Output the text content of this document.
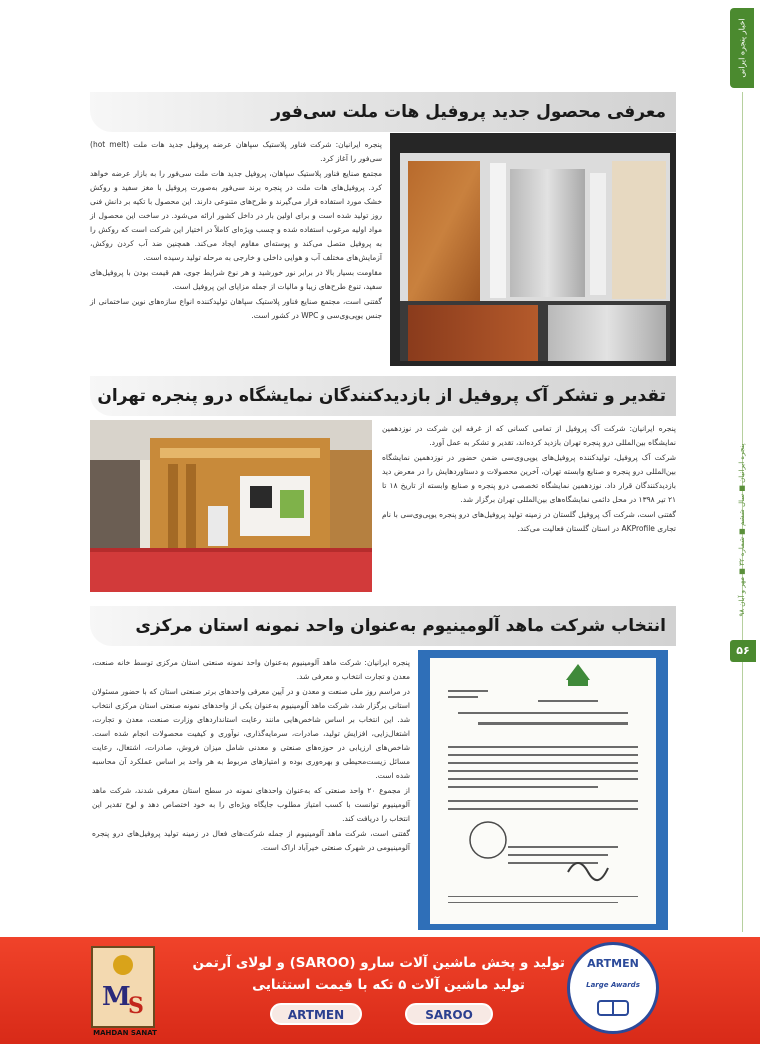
اخبار پنجره ایرانی
پنجره ایرانیان ■ سال ششم ■ شماره ۳۲ ■ مهر و آبان ۹۸
۵۶
معرفی محصول جدید پروفیل هات ملت سی‌فور

پنجره ایرانیان: شرکت فناور پلاستیک سپاهان عرضه پروفیل جدید هات ملت (hot melt) سی‌فور را آغاز کرد.

مجتمع صنایع فناور پلاستیک سپاهان، پروفیل جدید هات ملت سی‌فور را به بازار عرضه خواهد کرد. پروفیل‌های هات ملت در پنجره برند سی‌فور به‌صورت پروفیل با مغز سفید و روکش خشک مورد استفاده قرار می‌گیرند و طرح‌های متنوعی دارند. این محصول با تکیه بر دانش فنی روز تولید شده است و برای اولین بار در داخل کشور ارائه می‌شود. در ساخت این محصول از مواد اولیه مرغوب استفاده شده و چسب ویژه‌ای کاملاً در اختیار این شرکت است که روکش را به پروفیل متصل می‌کند و پوسته‌ای مقاوم ایجاد می‌کند. همچنین ضد آب کردن روکش، آزمایش‌های مختلف آب و هوایی داخلی و خارجی به مرحله تولید رسیده است.

مقاومت بسیار بالا در برابر نور خورشید و هر نوع شرایط جوی، هم قیمت بودن با پروفیل‌های سفید، تنوع طرح‌های زیبا و مالیات از جمله مزایای این پروفیل است.

گفتنی است، مجتمع صنایع فناور پلاستیک سپاهان تولیدکننده انواع سازه‌های نوین ساختمانی از جنس یو‌پی‌وی‌سی و WPC در کشور است.

تقدیر و تشکر آک پروفیل از بازدیدکنندگان نمایشگاه درو پنجره تهران

پنجره ایرانیان: شرکت آک پروفیل از تمامی کسانی که از غرفه این شرکت در نوزدهمین نمایشگاه بین‌المللی درو پنجره تهران بازدید کرده‌اند، تقدیر و تشکر به عمل آورد.

شرکت آک پروفیل، تولیدکننده پروفیل‌های یو‌پی‌وی‌سی ضمن حضور در نوزدهمین نمایشگاه بین‌المللی درو پنجره و صنایع وابسته تهران، آخرین محصولات و دستاوردهایش را در معرض دید بازدیدکنندگان قرار داد. نوزدهمین نمایشگاه تخصصی درو پنجره و صنایع وابسته از تاریخ ۱۸ تا ۲۱ تیر ۱۳۹۸ در محل دائمی نمایشگاه‌های بین‌المللی تهران برگزار شد.

گفتنی است، شرکت آک پروفیل گلستان در زمینه تولید پروفیل‌های درو پنجره یو‌پی‌وی‌سی با نام تجاری AKProfile در استان گلستان فعالیت می‌کند.

انتخاب شرکت ماهد آلومینیوم به‌عنوان واحد نمونه استان مرکزی

پنجره ایرانیان: شرکت ماهد آلومینیوم به‌عنوان واحد نمونه صنعتی استان مرکزی توسط خانه صنعت، معدن و تجارت انتخاب و معرفی شد.

در مراسم روز ملی صنعت و معدن و در آیین معرفی واحدهای برتر صنعتی استان که با حضور مسئولان استانی برگزار شد، شرکت ماهد آلومینیوم به‌عنوان یکی از واحدهای نمونه صنعتی استان مرکزی انتخاب شد. این انتخاب بر اساس شاخص‌هایی مانند رعایت استانداردهای وزارت صنعت، معدن و تجارت، اشتغال‌زایی، افزایش تولید، صادرات، سرمایه‌گذاری، نوآوری و کیفیت محصولات انجام شده است. شاخص‌های ارزیابی در حوزه‌های صنعتی و معدنی شامل میزان فروش، صادرات، اشتغال، رعایت مسائل زیست‌محیطی و بهره‌وری بوده و امتیازهای مربوط به هر واحد بر اساس عملکرد آن محاسبه شده است.

از مجموع ۲۰ واحد صنعتی که به‌عنوان واحدهای نمونه در سطح استان معرفی شدند، شرکت ماهد آلومینیوم توانست با کسب امتیاز مطلوب جایگاه ویژه‌ای را به خود اختصاص دهد و لوح تقدیر این انتخاب را دریافت کند.

گفتنی است، شرکت ماهد آلومینیوم از جمله شرکت‌های فعال در زمینه تولید پروفیل‌های درو پنجره آلومینیومی در شهرک صنعتی خیرآباد اراک است.

تولید و پخش ماشین آلات سارو (SAROO) و لولای آرتمن
تولید ماشین آلات ۵ تکه با قیمت استثنایی
SAROO
ARTMEN
ARTMEN
Large Awards
M
S
MAHDAN SANAT
